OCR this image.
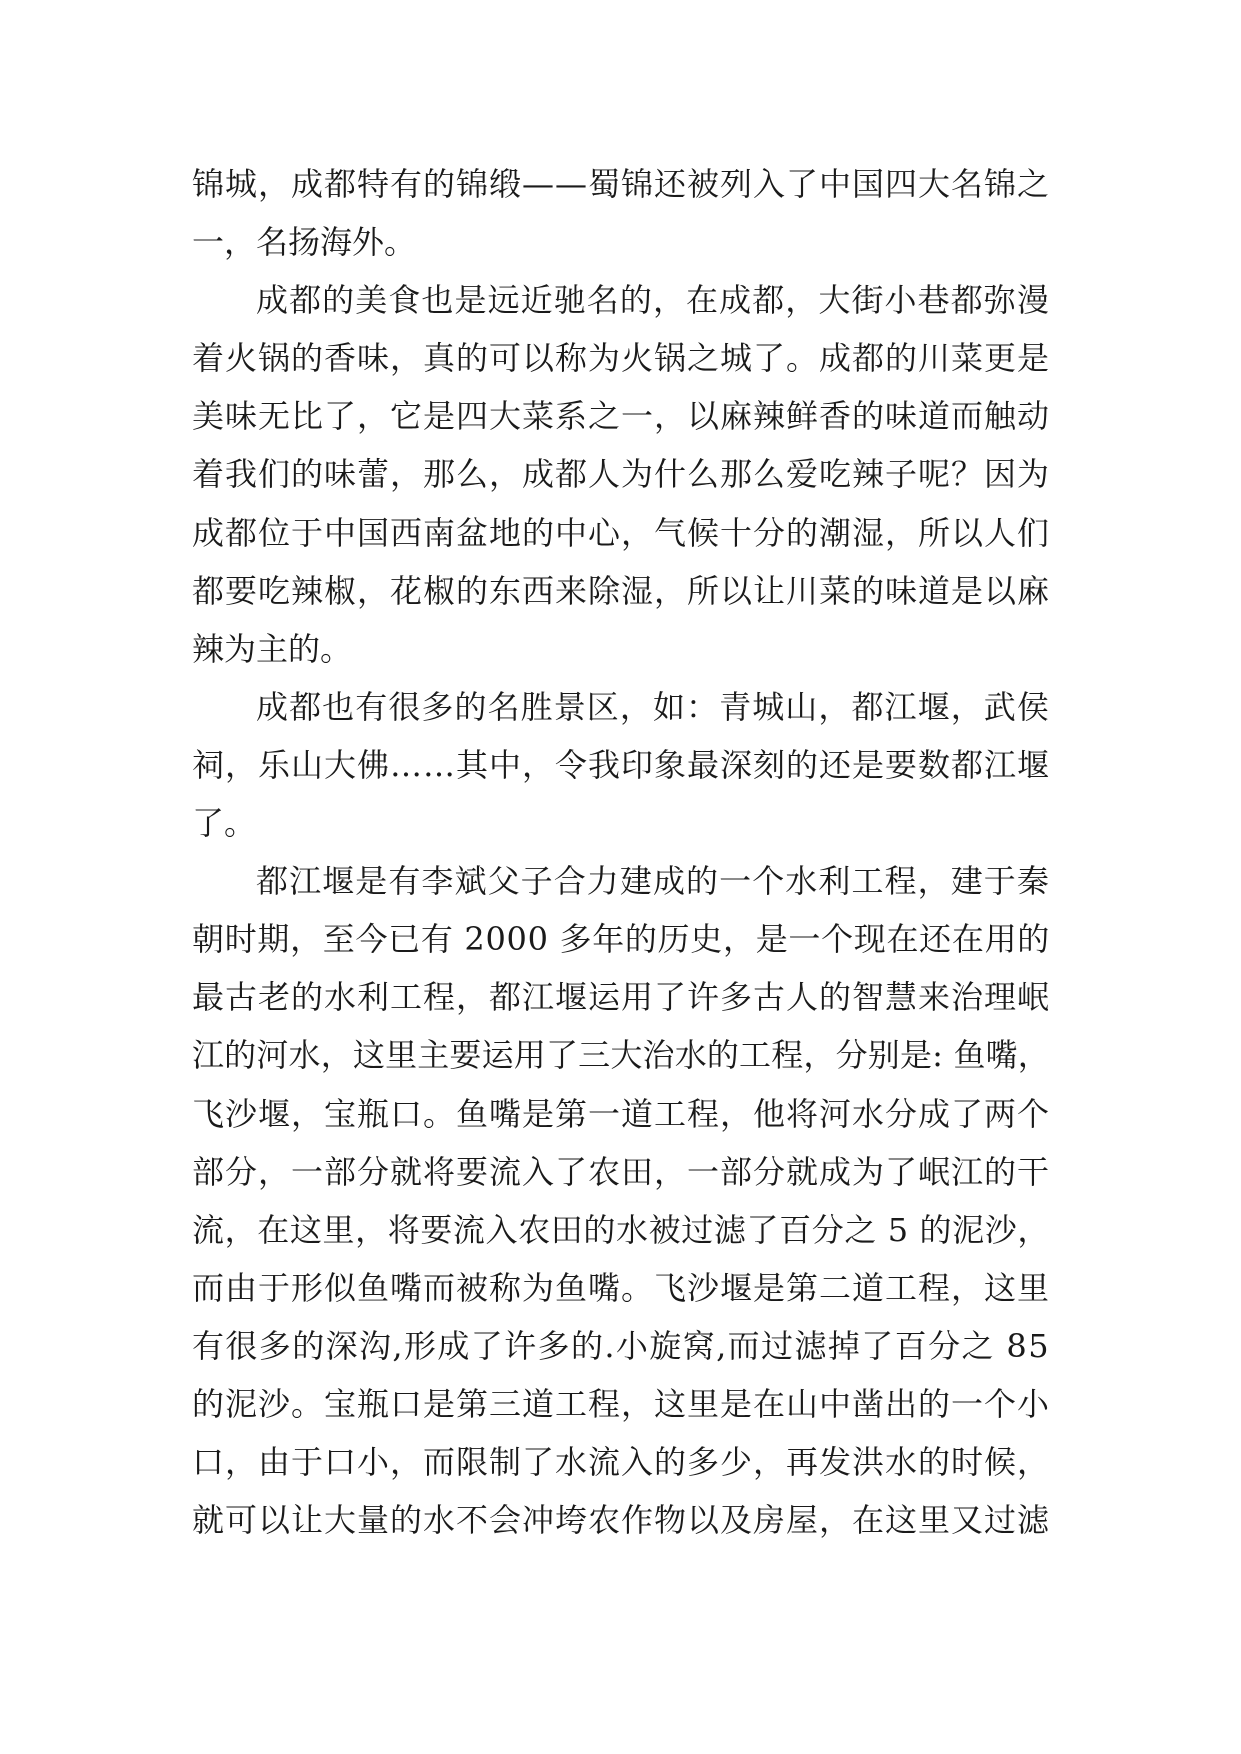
锦城，成都特有的锦缎——蜀锦还被列入了中国四大名锦之
一，名扬海外。
成都的美食也是远近驰名的，在成都，大街小巷都弥漫
着火锅的香味，真的可以称为火锅之城了。成都的川菜更是
美味无比了，它是四大菜系之一，以麻辣鲜香的味道而触动
着我们的味蕾，那么，成都人为什么那么爱吃辣子呢？因为
成都位于中国西南盆地的中心，气候十分的潮湿，所以人们
都要吃辣椒，花椒的东西来除湿，所以让川菜的味道是以麻
辣为主的。
成都也有很多的名胜景区，如：青城山，都江堰，武侯
祠，乐山大佛……其中，令我印象最深刻的还是要数都江堰
了。
都江堰是有李斌父子合力建成的一个水利工程，建于秦
朝时期，至今已有 2000 多年的历史，是一个现在还在用的
最古老的水利工程，都江堰运用了许多古人的智慧来治理岷
江的河水，这里主要运用了三大治水的工程，分别是: 鱼嘴，
飞沙堰，宝瓶口。鱼嘴是第一道工程，他将河水分成了两个
部分，一部分就将要流入了农田，一部分就成为了岷江的干
流，在这里，将要流入农田的水被过滤了百分之 5 的泥沙，
而由于形似鱼嘴而被称为鱼嘴。飞沙堰是第二道工程，这里
有很多的深沟,形成了许多的.小旋窝,而过滤掉了百分之 85
的泥沙。宝瓶口是第三道工程，这里是在山中凿出的一个小
口，由于口小，而限制了水流入的多少，再发洪水的时候，
就可以让大量的水不会冲垮农作物以及房屋，在这里又过滤
